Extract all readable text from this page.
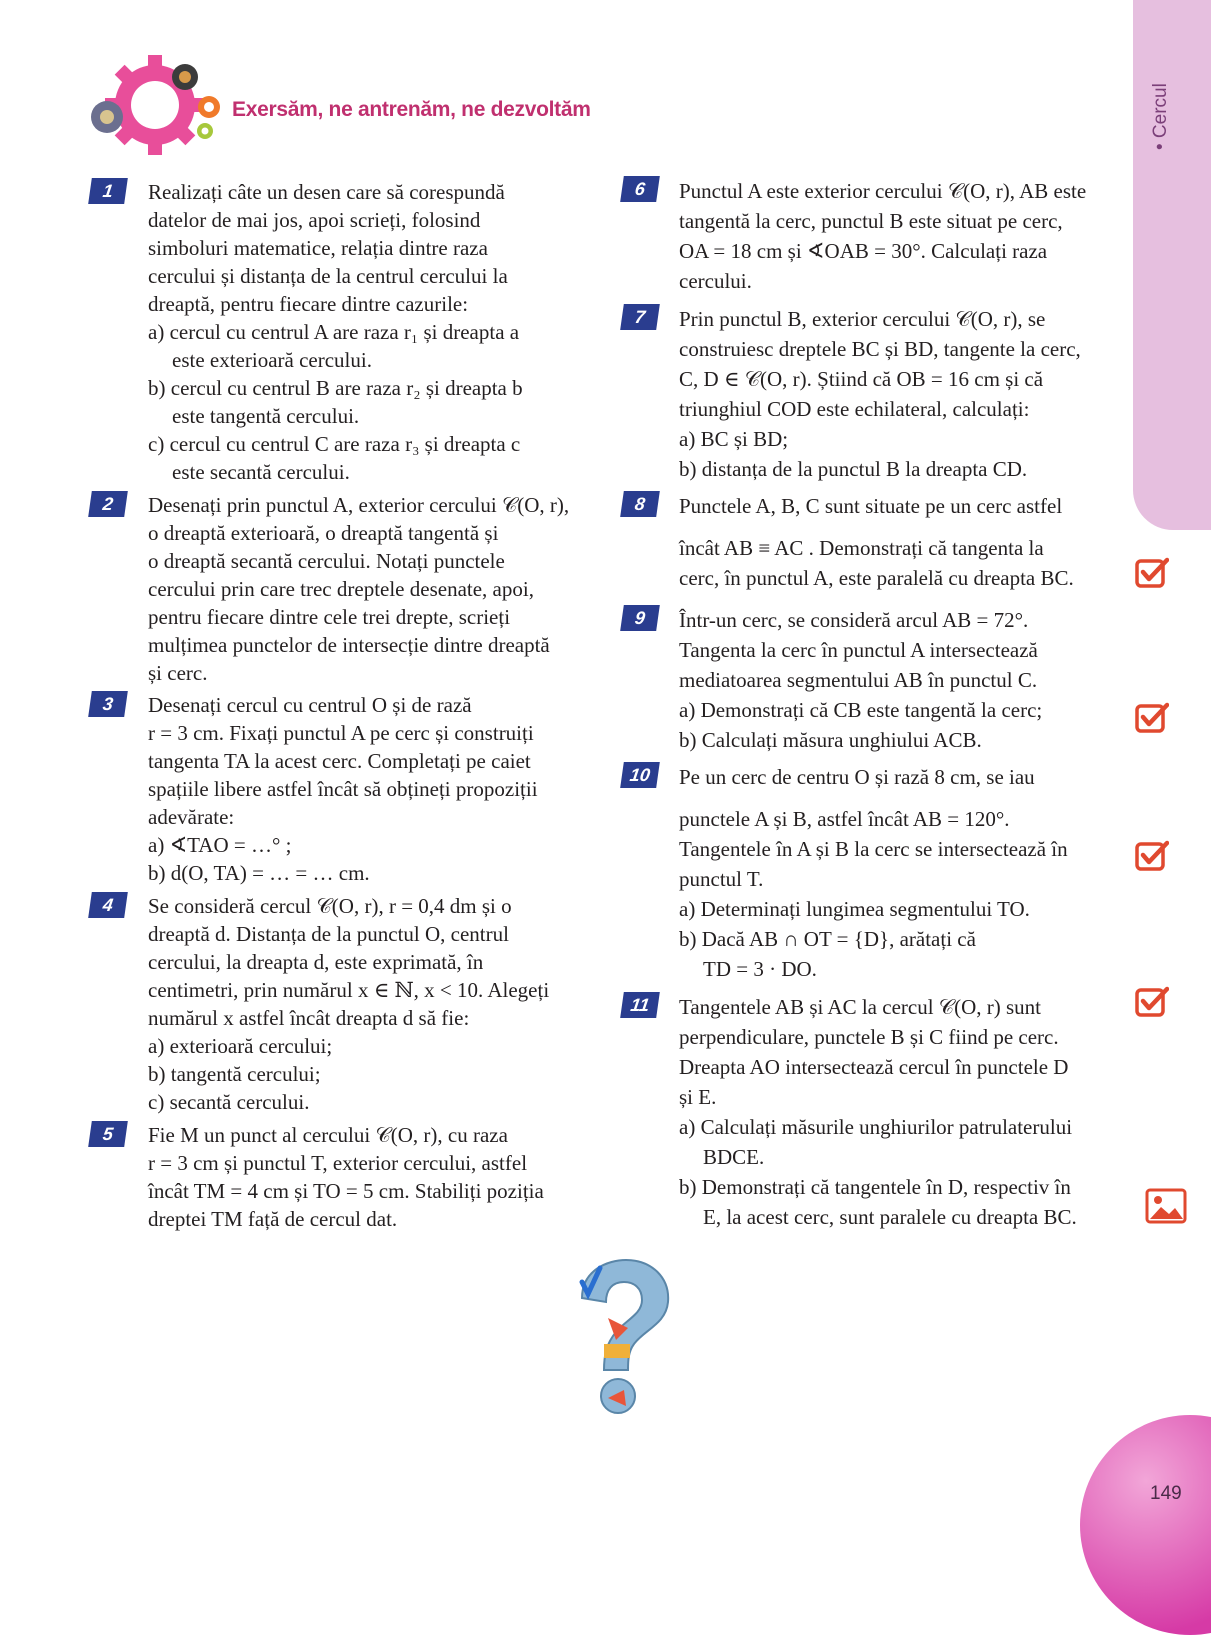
• Cercul
149
Exersăm, ne antrenăm, ne dezvoltăm
1	Realizați câte un desen care să corespundă

datelor de mai jos, apoi scrieți, folosind

simboluri matematice, relația dintre raza

cercului și distanța de la centrul cercului la

dreaptă, pentru fiecare dintre cazurile:

a) cercul cu centrul A are raza r₁ și dreapta a

este exterioară cercului.

b) cercul cu centrul B are raza r₂ și dreapta b

este tangentă cercului.

c) cercul cu centrul C are raza r₃ și dreapta c

este secantă cercului.

2	Desenați prin punctul A, exterior cercului 𝒞(O, r),

o dreaptă exterioară, o dreaptă tangentă și

o dreaptă secantă cercului. Notați punctele

cercului prin care trec dreptele desenate, apoi,

pentru fiecare dintre cele trei drepte, scrieți

mulțimea punctelor de intersecție dintre dreaptă

și cerc.

3	Desenați cercul cu centrul O și de rază

r = 3 cm. Fixați punctul A pe cerc și construiți

tangenta TA la acest cerc. Completați pe caiet

spațiile libere astfel încât să obțineți propoziții

adevărate:

a) ∢TAO = …° ;

b) d(O, TA) = … = … cm.

4	Se consideră cercul 𝒞(O, r), r = 0,4 dm și o

dreaptă d. Distanța de la punctul O, centrul

cercului, la dreapta d, este exprimată, în

centimetri, prin numărul x ∈ ℕ, x < 10. Alegeți

numărul x astfel încât dreapta d să fie:

a) exterioară cercului;

b) tangentă cercului;

c) secantă cercului.

5	Fie M un punct al cercului 𝒞(O, r), cu raza

r = 3 cm și punctul T, exterior cercului, astfel

încât TM = 4 cm și TO = 5 cm. Stabiliți poziția

dreptei TM față de cercul dat.

6	Punctul A este exterior cercului 𝒞(O, r), AB este

tangentă la cerc, punctul B este situat pe cerc,

OA = 18 cm și ∢OAB = 30°. Calculați raza

cercului.

7	Prin punctul B, exterior cercului 𝒞(O, r), se

construiesc dreptele BC și BD, tangente la cerc,

C, D ∈ 𝒞(O, r). Știind că OB = 16 cm și că

triunghiul COD este echilateral, calculați:

a) BC și BD;

b) distanța de la punctul B la dreapta CD.

8	Punctele A, B, C sunt situate pe un cerc astfel

încât AB ≡ AC . Demonstrați că tangenta la

cerc, în punctul A, este paralelă cu dreapta BC.

9	Într-un cerc, se consideră arcul AB = 72°.

Tangenta la cerc în punctul A intersectează

mediatoarea segmentului AB în punctul C.

a) Demonstrați că CB este tangentă la cerc;

b) Calculați măsura unghiului ACB.

10	Pe un cerc de centru O și rază 8 cm, se iau

punctele A și B, astfel încât AB = 120°.

Tangentele în A și B la cerc se intersectează în

punctul T.

a) Determinați lungimea segmentului TO.

b) Dacă AB ∩ OT = {D}, arătați că

TD = 3 · DO.

11	Tangentele AB și AC la cercul 𝒞(O, r) sunt

perpendiculare, punctele B și C fiind pe cerc.

Dreapta AO intersectează cercul în punctele D

și E.

a) Calculați măsurile unghiurilor patrulaterului

BDCE.

b) Demonstrați că tangentele în D, respectiv în

E, la acest cerc, sunt paralele cu dreapta BC.
